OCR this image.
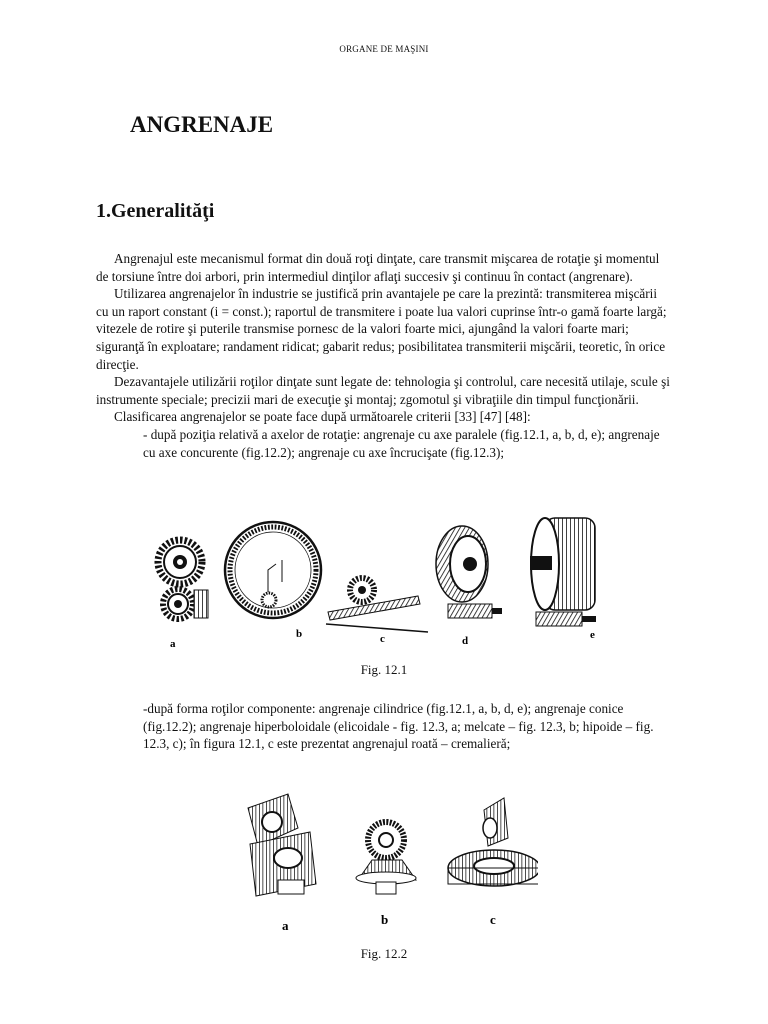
ORGANE DE MAŞINI
ANGRENAJE
1.Generalităţi

Angrenajul este mecanismul format din două roţi dinţate, care transmit mişcarea de rotaţie şi momentul de torsiune între doi arbori, prin intermediul dinţilor aflaţi succesiv şi continuu în contact (angrenare).

Utilizarea angrenajelor în industrie se justifică prin avantajele pe care la prezintă: transmiterea mişcării cu un raport constant (i = const.); raportul de transmitere i poate lua valori cuprinse într-o gamă foarte largă; vitezele de rotire şi puterile transmise pornesc de la valori foarte mici, ajungând la valori foarte mari; siguranţă în exploatare; randament ridicat; gabarit redus; posibilitatea transmiterii mişcării, teoretic, în orice direcţie.

Dezavantajele utilizării roţilor dinţate sunt legate de: tehnologia şi controlul, care necesită utilaje, scule şi instrumente speciale; precizii mari de execuţie şi montaj; zgomotul şi vibraţiile din timpul funcţionării.

Clasificarea angrenajelor se poate face după următoarele criterii [33] [47] [48]:

- după poziţia relativă a axelor de rotaţie: angrenaje cu axe paralele (fig.12.1, a, b, d, e); angrenaje cu axe concurente (fig.12.2); angrenaje cu axe încrucişate (fig.12.3);

a
b	c	d	e
Fig. 12.1

-după forma roţilor componente: angrenaje cilindrice (fig.12.1, a, b, d, e); angrenaje conice (fig.12.2); angrenaje hiperboloidale (elicoidale - fig. 12.3, a; melcate – fig. 12.3, b; hipoide – fig. 12.3, c); în figura 12.1, c este prezentat angrenajul roată – cremalieră;

a	b	c
Fig. 12.2
